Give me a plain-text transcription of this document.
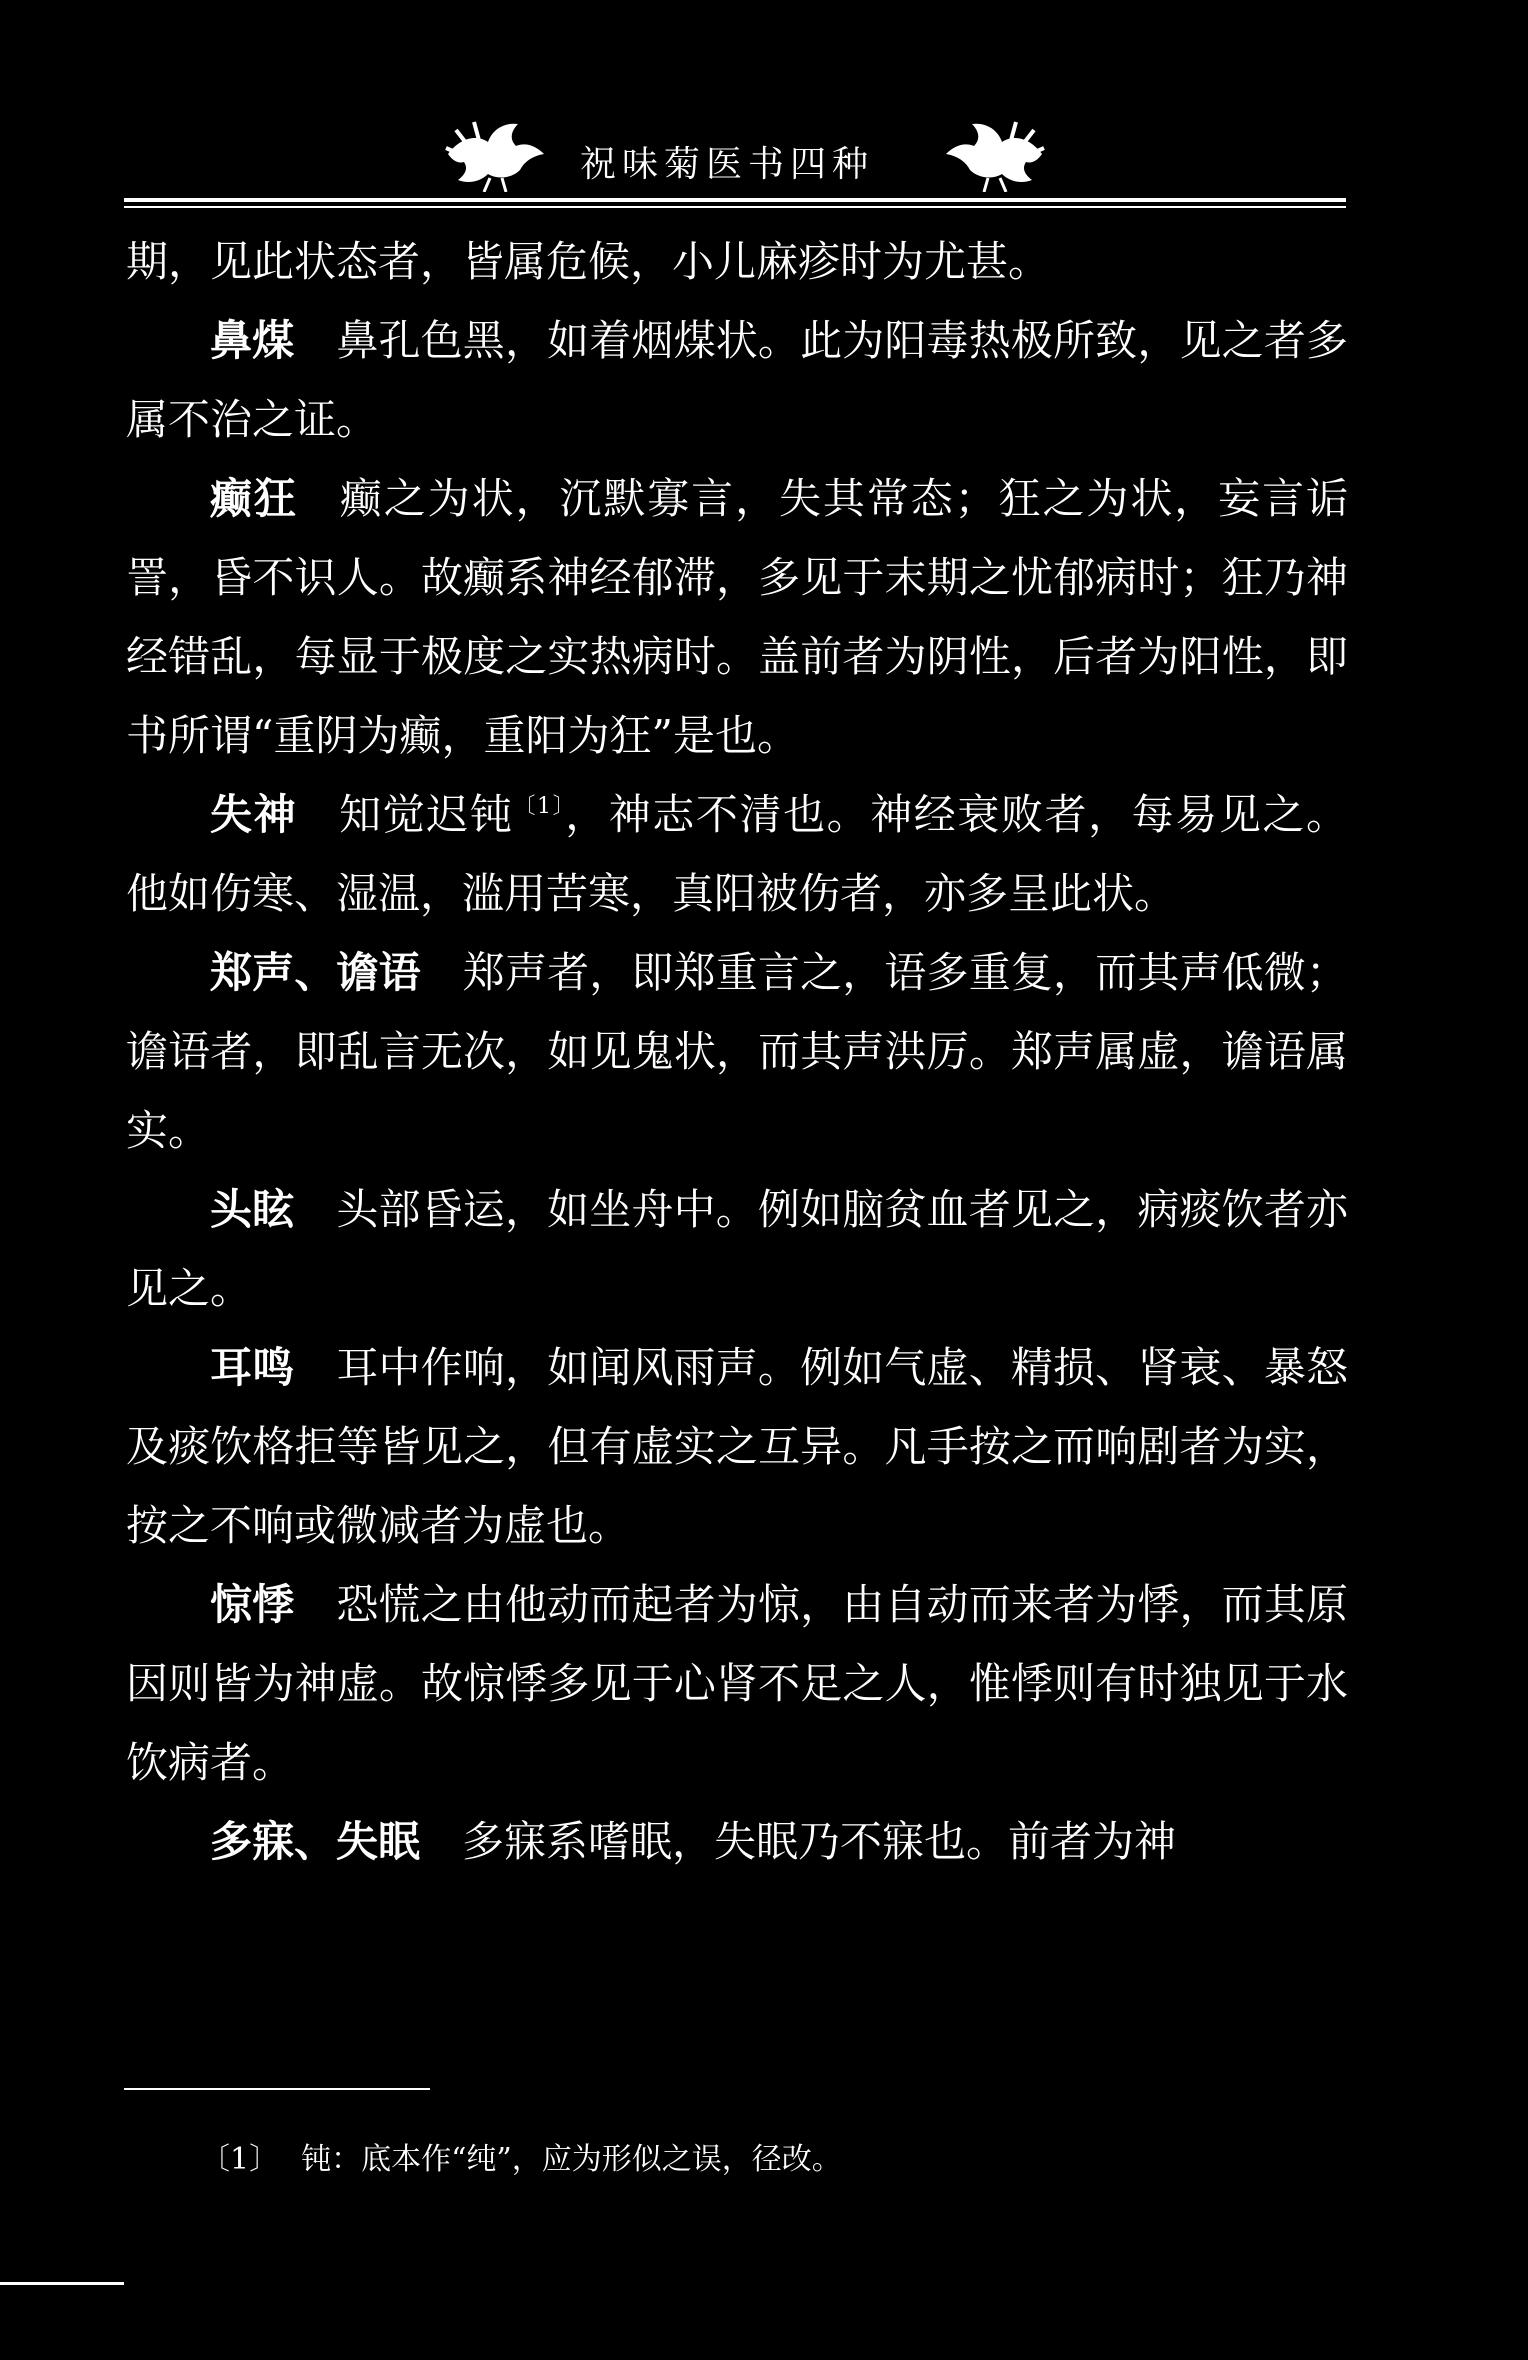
祝味菊医书四种

期，见此状态者，皆属危候，小儿麻疹时为尤甚。

鼻煤 鼻孔色黑，如着烟煤状。此为阳毒热极所致，见之者多属不治之证。

癫狂 癫之为状，沉默寡言，失其常态；狂之为状，妄言诟詈，昏不识人。故癫系神经郁滞，多见于末期之忧郁病时；狂乃神经错乱，每显于极度之实热病时。盖前者为阴性，后者为阳性，即书所谓“重阴为癫，重阳为狂”是也。

失神 知觉迟钝$^{〔1〕}$，神志不清也。神经衰败者，每易见之。他如伤寒、湿温，滥用苦寒，真阳被伤者，亦多呈此状。

郑声、谵语 郑声者，即郑重言之，语多重复，而其声低微；谵语者，即乱言无次，如见鬼状，而其声洪厉。郑声属虚，谵语属实。

头眩 头部昏运，如坐舟中。例如脑贫血者见之，病痰饮者亦见之。

耳鸣 耳中作响，如闻风雨声。例如气虚、精损、肾衰、暴怒及痰饮格拒等皆见之，但有虚实之互异。凡手按之而响剧者为实，按之不响或微减者为虚也。

惊悸 恐慌之由他动而起者为惊，由自动而来者为悸，而其原因则皆为神虚。故惊悸多见于心肾不足之人，惟悸则有时独见于水饮病者。

多寐、失眠 多寐系嗜眠，失眠乃不寐也。前者为神

〔1〕 钝：底本作“纯”，应为形似之误，径改。
